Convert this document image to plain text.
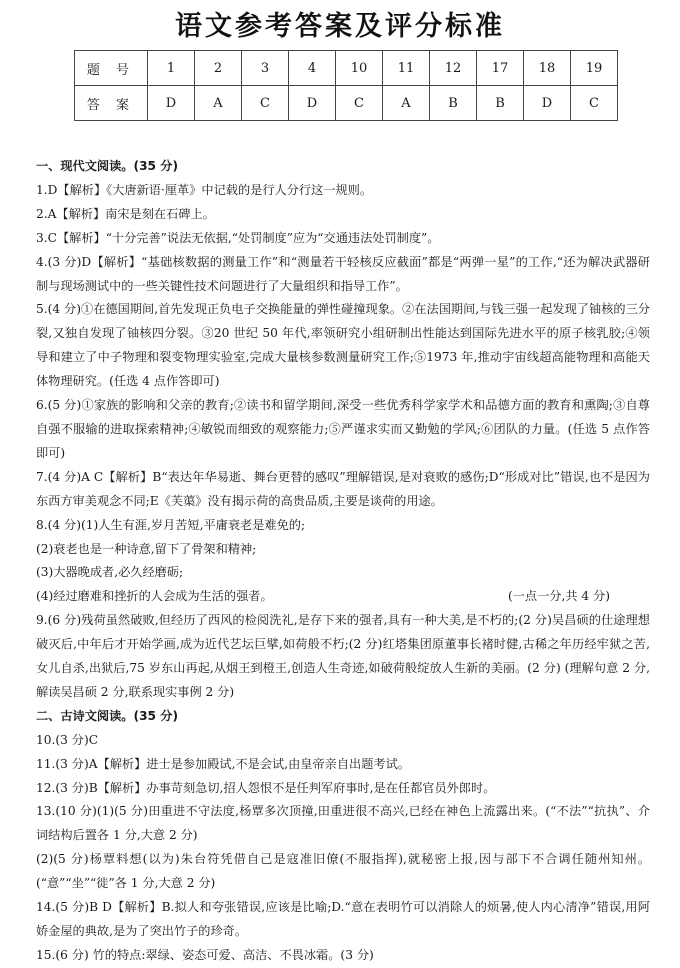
语文参考答案及评分标准
题 号	1	2	3	4	10	11	12	17	18	19
答 案	D	A	C	D	C	A	B	B	D	C

一、现代文阅读。(35 分)

1.D【解析】《大唐新语·厘革》中记载的是行人分行这一规则。

2.A【解析】南宋是刻在石碑上。

3.C【解析】“十分完善”说法无依据,“处罚制度”应为“交通违法处罚制度”。

4.(3 分)D【解析】“基础核数据的测量工作”和“测量若干轻核反应截面”都是“两弹一星”的工作,“还为解决武器研制与现场测试中的一些关键性技术问题进行了大量组织和指导工作”。

5.(4 分)①在德国期间,首先发现正负电子交换能量的弹性碰撞现象。②在法国期间,与钱三强一起发现了铀核的三分裂,又独自发现了铀核四分裂。③20 世纪 50 年代,率领研究小组研制出性能达到国际先进水平的原子核乳胶;④领导和建立了中子物理和裂变物理实验室,完成大量核参数测量研究工作;⑤1973 年,推动宇宙线超高能物理和高能天体物理研究。(任选 4 点作答即可)

6.(5 分)①家族的影响和父亲的教育;②读书和留学期间,深受一些优秀科学家学术和品德方面的教育和熏陶;③自尊自强不服输的进取探索精神;④敏锐而细致的观察能力;⑤严谨求实而又勤勉的学风;⑥团队的力量。(任选 5 点作答即可)

7.(4 分)A C【解析】B“表达年华易逝、舞台更替的感叹”理解错误,是对衰败的感伤;D“形成对比”错误,也不是因为东西方审美观念不同;E《芙蕖》没有揭示荷的高贵品质,主要是谈荷的用途。

8.(4 分)(1)人生有涯,岁月苦短,平庸衰老是难免的;

(2)衰老也是一种诗意,留下了骨架和精神;

(3)大器晚成者,必久经磨砺;

(4)经过磨难和挫折的人会成为生活的强者。	(一点一分,共 4 分)

9.(6 分)残荷虽然破败,但经历了西风的检阅洗礼,是存下来的强者,具有一种大美,是不朽的;(2 分)吴昌硕的仕途理想破灭后,中年后才开始学画,成为近代艺坛巨擘,如荷般不朽;(2 分)红塔集团原董事长褚时健,古稀之年历经牢狱之苦,女儿自杀,出狱后,75 岁东山再起,从烟王到橙王,创造人生奇迹,如破荷般绽放人生新的美丽。(2 分) (理解句意 2 分,解读吴昌硕 2 分,联系现实事例 2 分)

二、古诗文阅读。(35 分)

10.(3 分)C

11.(3 分)A【解析】进士是参加殿试,不是会试,由皇帝亲自出题考试。

12.(3 分)B【解析】办事苛刻急切,招人怨恨不是任判军府事时,是在任都官员外郎时。

13.(10 分)(1)(5 分)田重进不守法度,杨覃多次顶撞,田重进很不高兴,已经在神色上流露出来。(“不法”“抗执”、介词结构后置各 1 分,大意 2 分)

(2)(5 分)杨覃料想(以为)朱台符凭借自己是寇准旧僚(不服指挥),就秘密上报,因与部下不合调任随州知州。(“意”“坐”“徙”各 1 分,大意 2 分)

14.(5 分)B D【解析】B.拟人和夸张错误,应该是比喻;D.“意在表明竹可以消除人的烦暑,使人内心清净”错误,用阿娇金屋的典故,是为了突出竹子的珍奇。

15.(6 分) 竹的特点:翠绿、姿态可爱、高洁、不畏冰霜。(3 分)
